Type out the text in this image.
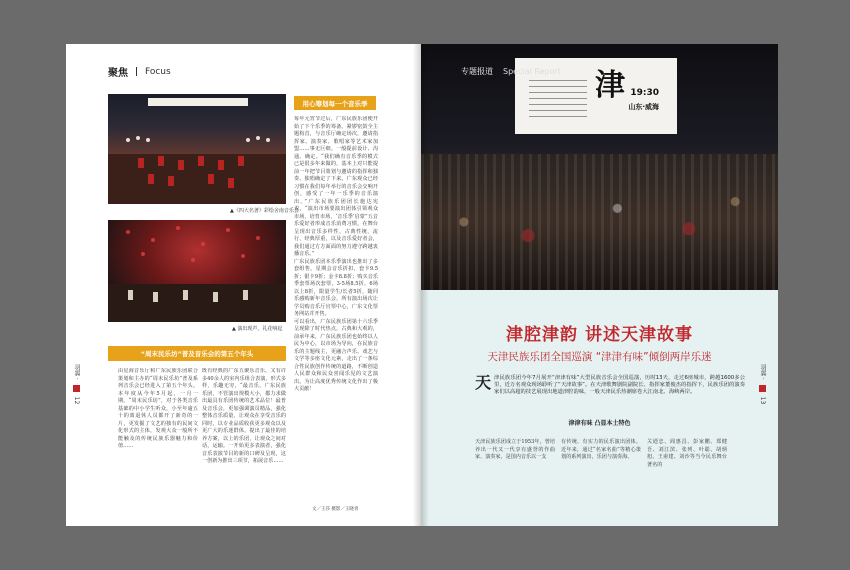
聚焦 Focus
▲《四大名著》彩绘舍南音乐会
▲ 演出现声，礼花响起
用心筹划每一个音乐季
每年元宵节过后，广东民族乐团便开始了下个乐季的筹备。紧锣密鼓全主题构首，与音乐厅确定场次，邀请指挥家、演奏家、歌唱家等艺术家加盟……事无巨细。一般提前设计、沟通、确定。“我们确有音乐季的模式已是很多年来做的，基本上对只能提前一年把节目策划与邀请的指挥和独奏、独唱确定了下来。广东观众已经习惯在我们每年举行的音乐会交响开创，感受了一年一乐季的音乐演出。”广东民族乐团团长施达宪说，“演出市场要演出团体引领观众市场，培育市场，‘音乐季’启蒙”五音乐爱好者形成音乐消费习惯，在舞台呈现出音乐多样性，古典性统，流行，经典厚重，以及音乐爱好者会，我们通过方方面面的努力遵守跨越衷播音乐。”
广东民族乐团本乐季演出也推出了多套组售，星期会音乐折扣，套卡9.5折；银卡9折；金卡8.8折；购买音乐季套票场次套票，3-5场8.5折、6场以上8折，限量学生/长者5折，随同乐感购新年音乐会，所有演出场次让学员购音乐厅官票中心，广东文化票务网站并开售。
可以看出，广东民族乐团第十六乐季呈现除了时代热点，古典和大观的，前承年来，广东民族乐团也始终以人民为中心，以市场为导向，在民族音乐的主题线主，更融合声乐、戏艺与文学等多座文化元素，走出了一条综合性民族创作传统的道路，不断创造人民群众和民众喜闻乐见的文艺演出。为让高度优秀传统文化作出了极大贡献！
“周末民乐坊”普及音乐会的第五个年头
由星海音乐厅和广东民族乐团联合策划和主办的“周末民乐坊”普及系列音乐会已经进入了第五个年头。本年度从今年5月起，一月一期。“周末民乐坊”，对于各类音乐基础的中小学生听众，小至年逾五十的离退休人员都开了新奇的一片，更发掘了文艺的独有的民间文化形式的主体，发观大众一般所不能触及的传统民族乐器魅力和价值……
既有经典的广东五聚乐音乐，又有许多40余人的室内乐组合表演，形式多样，乐趣无穷，“最音乐，广东民族乐团，不管演出规模大小，都力求做出最具有乐团传统的艺术品位！最普及音乐会，更加强调演员精品，强化整体音乐质量，让观众在享受音乐的同时，以专业品质收获更多观众以及更广大的乐迷群体，提出了最佳的培养方案，以上的乐团，让观众之间对话，运输。一开始更多表演者，强化音乐表演节目的新的口碑及呈现，这一创新为推出三项节，拓展音乐……
文／王莎 摄影／王晓青
羽翼 ·  12
津 19:30
山东·威海
专题报道 Special Report
津腔津韵 讲述天津故事
天津民族乐团全国巡演 “津津有味”倾倒两岸乐迷
天津民族乐团今年7月展开“津津有味”大型民族音乐会全国巡演，历时13天，走过6座城市，跨越1600多公里，近万名观众现场聆听了“天津故事”。在天津歌舞剧院副院长、指挥家董俊杰的指挥下，民族乐团的演奏家们以高超的技艺展现出地道津腔韵味，一般天津民乐热潮席卷大江南北、海峡两岸。
津津有味 凸显本土特色
天津民族乐团成立于1953年，曾培养出一代又一代享有盛誉的作曲家、演奏家，是国内音乐以一支
有传统、有实力的民乐演出团体。近年来，通过“名家名曲”等精心策划的系列演出，乐团与演奏海、
关迺忠、阎惠昌、彭家鹏、郑健吾、刘江滨、张列、叶聪、胡炳旭、王甫建、刘沙等当今民乐舞台著名的
羽翼 ·  13
